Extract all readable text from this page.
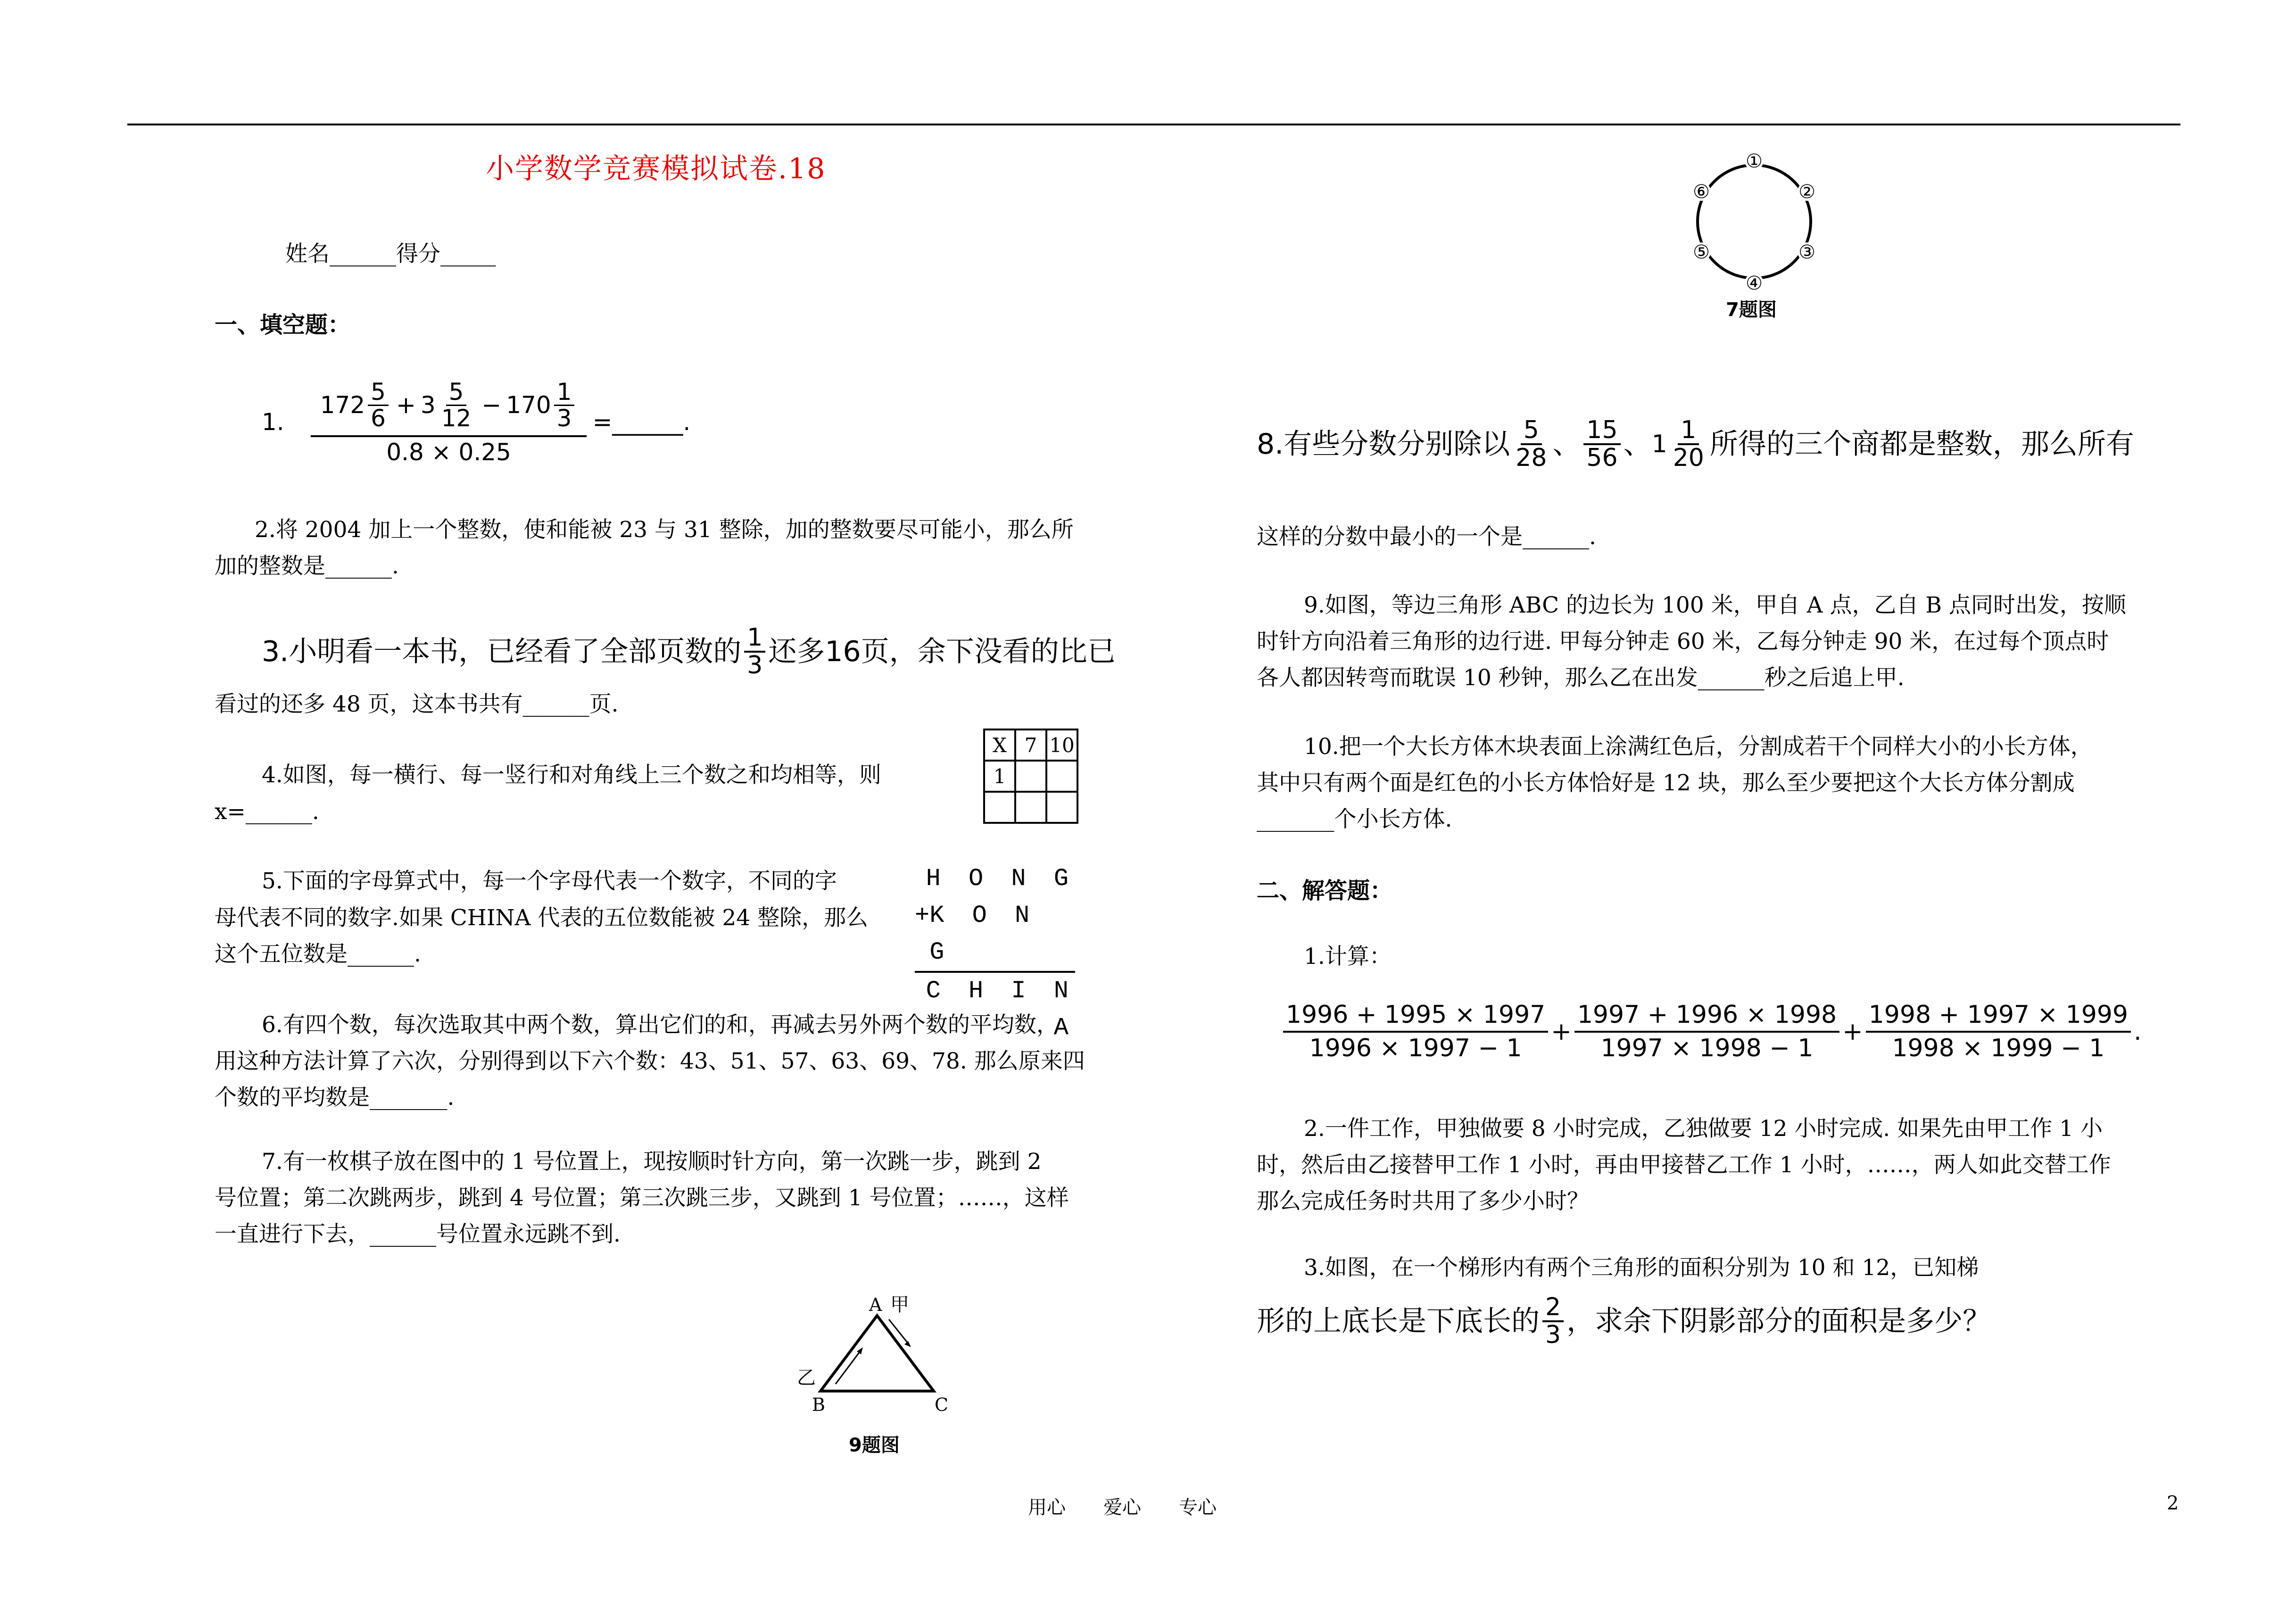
小学数学竞赛模拟试卷.18
姓名______得分_____
一、填空题：
1.
$172 \frac{5}{6} + 3 \frac{5}{12} - 170 \frac{1}{3}$
0.8 × 0.25
=______.
2.将 2004 加上一个整数，使和能被 23 与 31 整除，加的整数要尽可能小，那么所
加的整数是______.
3.小明看一本书，已经看了全部页数的 $\frac{1}{3}$ 还多16页，余下没看的比已
看过的还多 48 页，这本书共有______页.
4.如图，每一横行、每一竖行和对角线上三个数之和均相等，则
x=______.
X	7	10
1		

5.下面的字母算式中，每一个字母代表一个数字，不同的字
母代表不同的数字.如果 CHINA 代表的五位数能被 24 整除，那么
这个五位数是______.
H O N G
+ K O N G
C H I N A
6.有四个数，每次选取其中两个数，算出它们的和，再减去另外两个数的平均数，
用这种方法计算了六次，分别得到以下六个数：43、51、57、63、69、78. 那么原来四
个数的平均数是_______.
7.有一枚棋子放在图中的 1 号位置上，现按顺时针方向，第一次跳一步，跳到 2
号位置；第二次跳两步，跳到 4 号位置；第三次跳三步，又跳到 1 号位置；……，这样
一直进行下去，______号位置永远跳不到.
A 甲
乙
B	C
9题图
①
②
③
④
⑤
⑥
7题图
8.有些分数分别除以 $\frac{5}{28}$ 、 $\frac{15}{56}$ 、 $1 \frac{1}{20}$ 所得的三个商都是整数，那么所有
这样的分数中最小的一个是______.
9.如图，等边三角形 ABC 的边长为 100 米，甲自 A 点，乙自 B 点同时出发，按顺
时针方向沿着三角形的边行进. 甲每分钟走 60 米，乙每分钟走 90 米，在过每个顶点时
各人都因转弯而耽误 10 秒钟，那么乙在出发______秒之后追上甲.
10.把一个大长方体木块表面上涂满红色后，分割成若干个同样大小的小长方体，
其中只有两个面是红色的小长方体恰好是 12 块，那么至少要把这个大长方体分割成
_______个小长方体.
二、解答题：
1.计算：
$\frac{1996 + 1995 \times 1997}{1996 \times 1997 - 1} + \frac{1997 + 1996 \times 1998}{1997 \times 1998 - 1} + \frac{1998 + 1997 \times 1999}{1998 \times 1999 - 1}$ .
2.一件工作，甲独做要 8 小时完成，乙独做要 12 小时完成. 如果先由甲工作 1 小
时，然后由乙接替甲工作 1 小时，再由甲接替乙工作 1 小时，……，两人如此交替工作
那么完成任务时共用了多少小时？
3.如图，在一个梯形内有两个三角形的面积分别为 10 和 12，已知梯
形的上底长是下底长的 $\frac{2}{3}$ ，求余下阴影部分的面积是多少？
用心　　爱心　　专心	2
